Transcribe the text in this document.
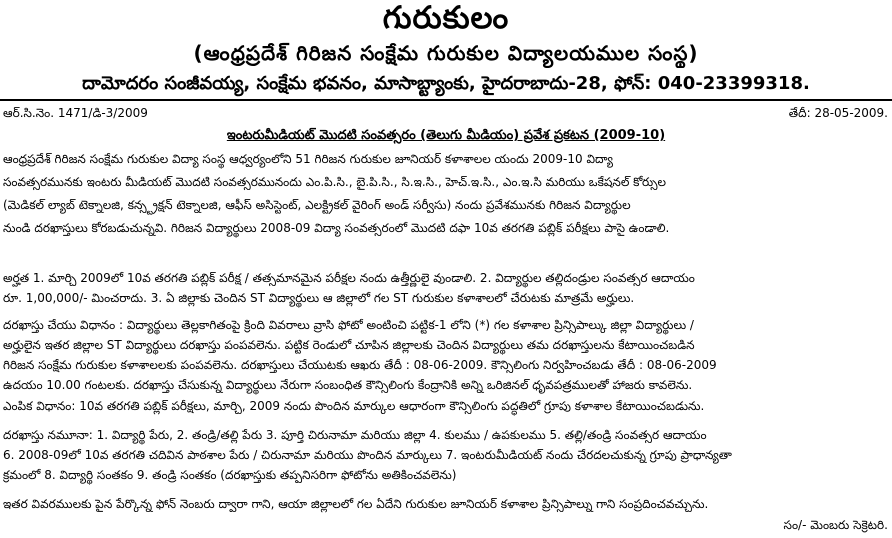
గురుకులం
(ఆంధ్రప్రదేశ్ గిరిజన సంక్షేమ గురుకుల విద్యాలయముల సంస్థ)
దామోదరం సంజీవయ్య, సంక్షేమ భవనం, మాసాబ్ట్యాంకు, హైదరాబాదు-28, ఫోన్: 040-23399318.
ఆర్.సి.నెం. 1471/డి-3/2009	తేదీ: 28-05-2009.
ఇంటరుమీడియట్ మొదటి సంవత్సరం (తెలుగు మీడియం) ప్రవేశ ప్రకటన (2009-10)
ఆంధ్రప్రదేశ్ గిరిజన సంక్షేమ గురుకుల విద్యా సంస్థ ఆధ్వర్యంలోని 51 గిరిజన గురుకుల జూనియర్ కళాశాలల యందు 2009-10 విద్యా
సంవత్సరమునకు ఇంటరు మీడియట్ మొదటి సంవత్సరమునందు ఎం.పి.సి., బై.పి.సి., సి.ఇ.సి., హెచ్.ఇ.సి., ఎం.ఇ.సి మరియు ఒకేషనల్ కోర్సుల
(మెడికల్ ల్యాబ్ టెక్నాలజి, కన్స్ట్రక్షన్ టెక్నాలజి, ఆఫీస్ అసిస్టెంట్, ఎలక్ట్రికల్ వైరింగ్ అండ్ సర్వీసు) నందు ప్రవేశమునకు గిరిజన విద్యార్థుల
నుండి దరఖాస్తులు కోరబడుచున్నవి. గిరిజన విద్యార్థులు 2008-09 విద్యా సంవత్సరంలో మొదటి దఫా 10వ తరగతి పబ్లిక్ పరీక్షలు పాసై ఉండాలి.
అర్హత 1. మార్చి 2009లో 10వ తరగతి పబ్లిక్ పరీక్ష / తత్సమానమైన పరీక్షల నందు ఉత్తీర్ణులై వుండాలి. 2. విద్యార్థుల తల్లిదండ్రుల సంవత్సర ఆదాయం
రూ. 1,00,000/- మించరాదు. 3. ఏ జిల్లాకు చెందిన ST విద్యార్థులు ఆ జిల్లాలో గల ST గురుకుల కళాశాలలో చేరుటకు మాత్రమే అర్హులు.
దరఖాస్తు చేయు విధానం : విద్యార్థులు తెల్లకాగితంపై క్రింది వివరాలు వ్రాసి ఫోటో అంటించి పట్టిక-1 లోని (*) గల కళాశాల ప్రిన్సిపాల్కు జిల్లా విద్యార్థులు /
అర్హులైన ఇతర జిల్లాల ST విద్యార్థులు దరఖాస్తు పంపవలెను. పట్టిక రెండులో చూపిన జిల్లాలకు చెందిన విద్యార్థులు తమ దరఖాస్తులను కేటాయించబడిన
గిరిజన సంక్షేమ గురుకుల కళాశాలలకు పంపవలెను. దరఖాస్తులు చేయుటకు ఆఖరు తేదీ : 08-06-2009. కౌన్సిలింగు నిర్వహించబడు తేదీ : 08-06-2009
ఉదయం 10.00 గంటలకు. దరఖాస్తు చేసుకున్న విద్యార్థులు నేరుగా సంబంధిత కౌన్సిలింగు కేంద్రానికి అన్ని ఒరిజినల్ ధృవపత్రములతో హాజరు కావలెను.
ఎంపిక విధానం: 10వ తరగతి పబ్లిక్ పరీక్షలు, మార్చి, 2009 నందు పొందిన మార్కుల ఆధారంగా కౌన్సిలింగు పద్ధతిలో గ్రూపు కళాశాల కేటాయించబడును.
దరఖాస్తు నమూనా: 1. విద్యార్థి పేరు, 2. తండ్రి/తల్లి పేరు 3. పూర్తి చిరునామా మరియు జిల్లా 4. కులము / ఉపకులము 5. తల్లి/తండ్రి సంవత్సర ఆదాయం
6. 2008-09లో 10వ తరగతి చదివిన పాఠశాల పేరు / చిరునామా మరియు పొందిన మార్కులు 7. ఇంటరుమీడియట్ నందు చేరదలచుకున్న గ్రూపు ప్రాధాన్యతా
క్రమంలో 8. విద్యార్థి సంతకం 9. తండ్రి సంతకం (దరఖాస్తుకు తప్పనిసరిగా ఫోటోను అతికించవలెను)
ఇతర వివరములకు పైన పేర్కొన్న ఫోన్ నెంబరు ద్వారా గాని, ఆయా జిల్లాలలో గల ఏదేని గురుకుల జూనియర్ కళాశాల ప్రిన్సిపాల్ను గాని సంప్రదించవచ్చును.
సం/- మెంబరు సెక్రెటరి.
